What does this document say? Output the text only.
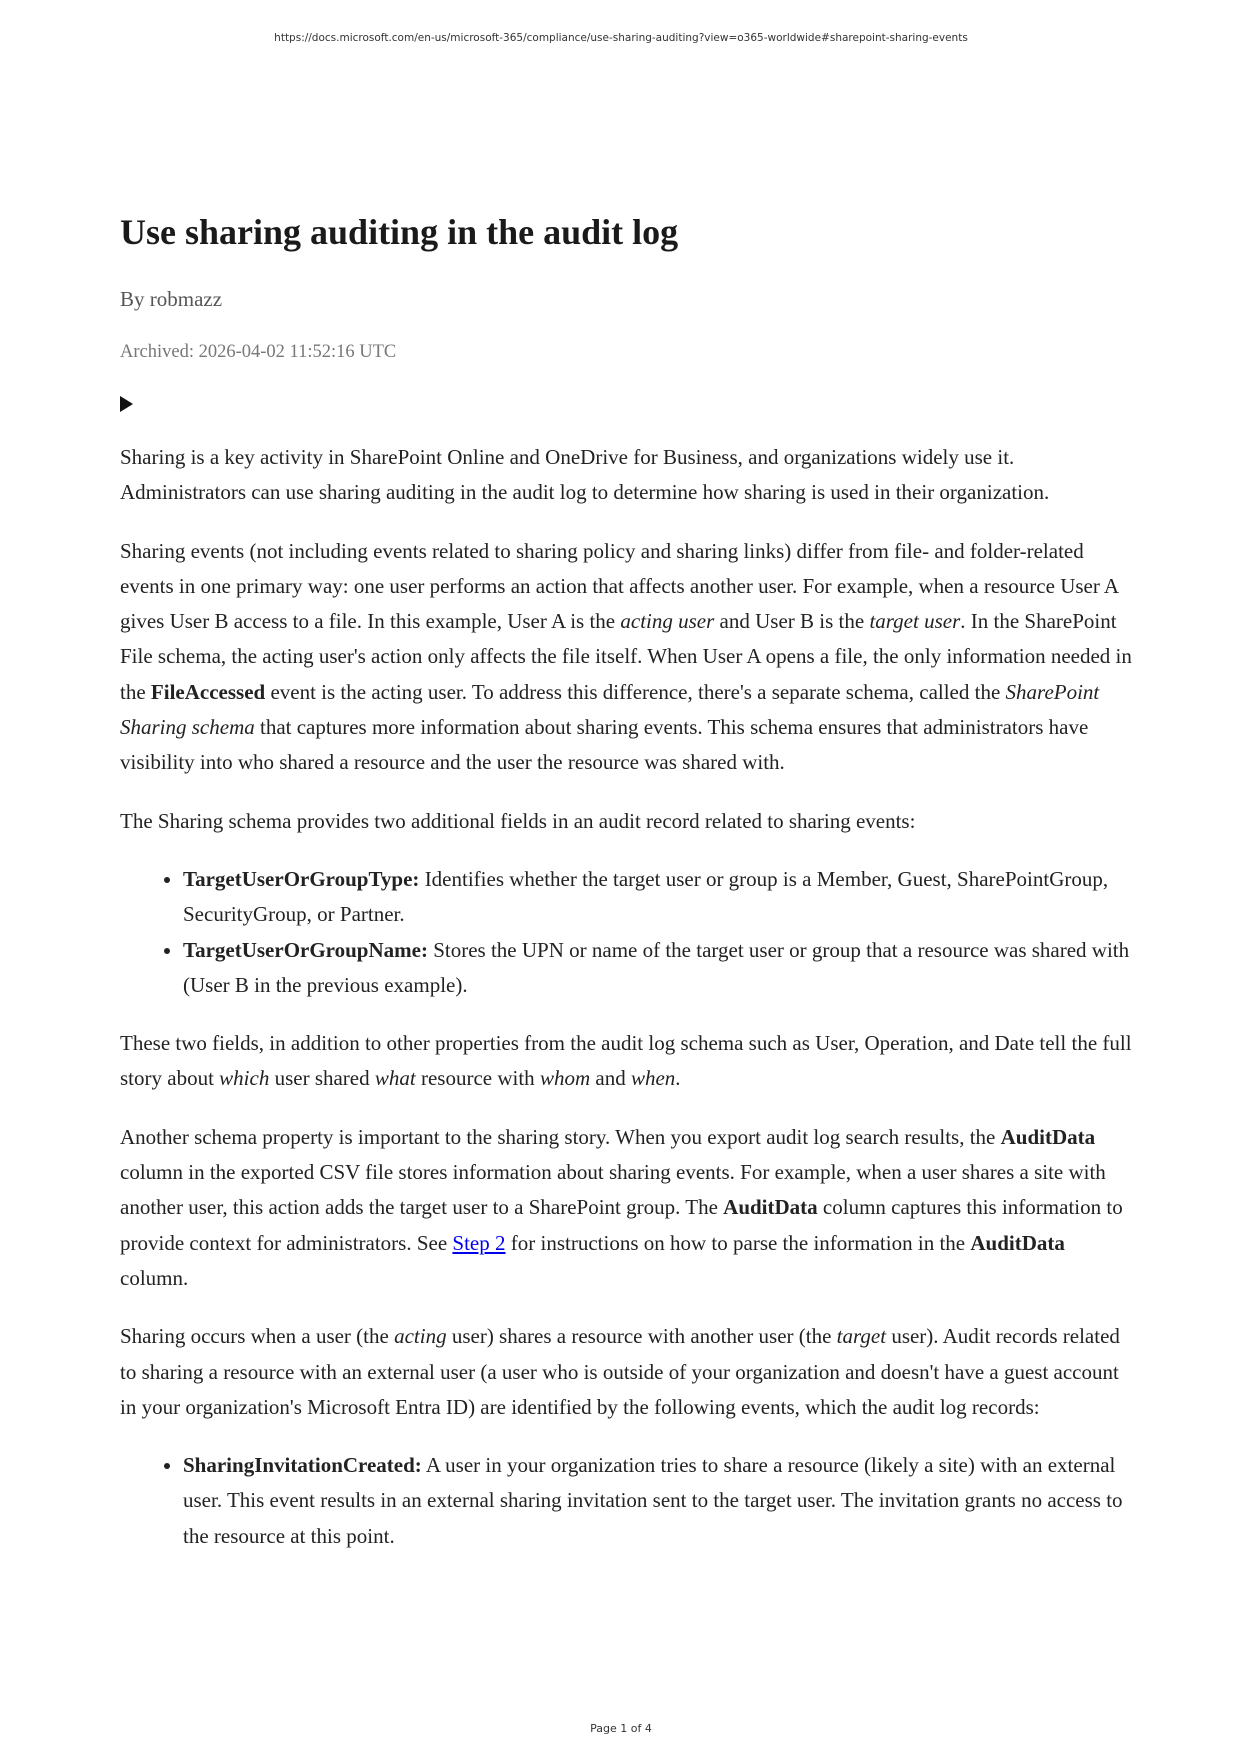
https://docs.microsoft.com/en-us/microsoft-365/compliance/use-sharing-auditing?view=o365-worldwide#sharepoint-sharing-events
Use sharing auditing in the audit log
By robmazz
Archived: 2026-04-02 11:52:16 UTC

Sharing is a key activity in SharePoint Online and OneDrive for Business, and organizations widely use it. Administrators can use sharing auditing in the audit log to determine how sharing is used in their organization.

Sharing events (not including events related to sharing policy and sharing links) differ from file- and folder-related events in one primary way: one user performs an action that affects another user. For example, when a resource User A gives User B access to a file. In this example, User A is the acting user and User B is the target user. In the SharePoint File schema, the acting user's action only affects the file itself. When User A opens a file, the only information needed in the FileAccessed event is the acting user. To address this difference, there's a separate schema, called the SharePoint Sharing schema that captures more information about sharing events. This schema ensures that administrators have visibility into who shared a resource and the user the resource was shared with.

The Sharing schema provides two additional fields in an audit record related to sharing events:

• TargetUserOrGroupType: Identifies whether the target user or group is a Member, Guest, SharePointGroup, SecurityGroup, or Partner.
• TargetUserOrGroupName: Stores the UPN or name of the target user or group that a resource was shared with (User B in the previous example).

These two fields, in addition to other properties from the audit log schema such as User, Operation, and Date tell the full story about which user shared what resource with whom and when.

Another schema property is important to the sharing story. When you export audit log search results, the AuditData column in the exported CSV file stores information about sharing events. For example, when a user shares a site with another user, this action adds the target user to a SharePoint group. The AuditData column captures this information to provide context for administrators. See Step 2 for instructions on how to parse the information in the AuditData column.

Sharing occurs when a user (the acting user) shares a resource with another user (the target user). Audit records related to sharing a resource with an external user (a user who is outside of your organization and doesn't have a guest account in your organization's Microsoft Entra ID) are identified by the following events, which the audit log records:

• SharingInvitationCreated: A user in your organization tries to share a resource (likely a site) with an external user. This event results in an external sharing invitation sent to the target user. The invitation grants no access to the resource at this point.
Page 1 of 4
